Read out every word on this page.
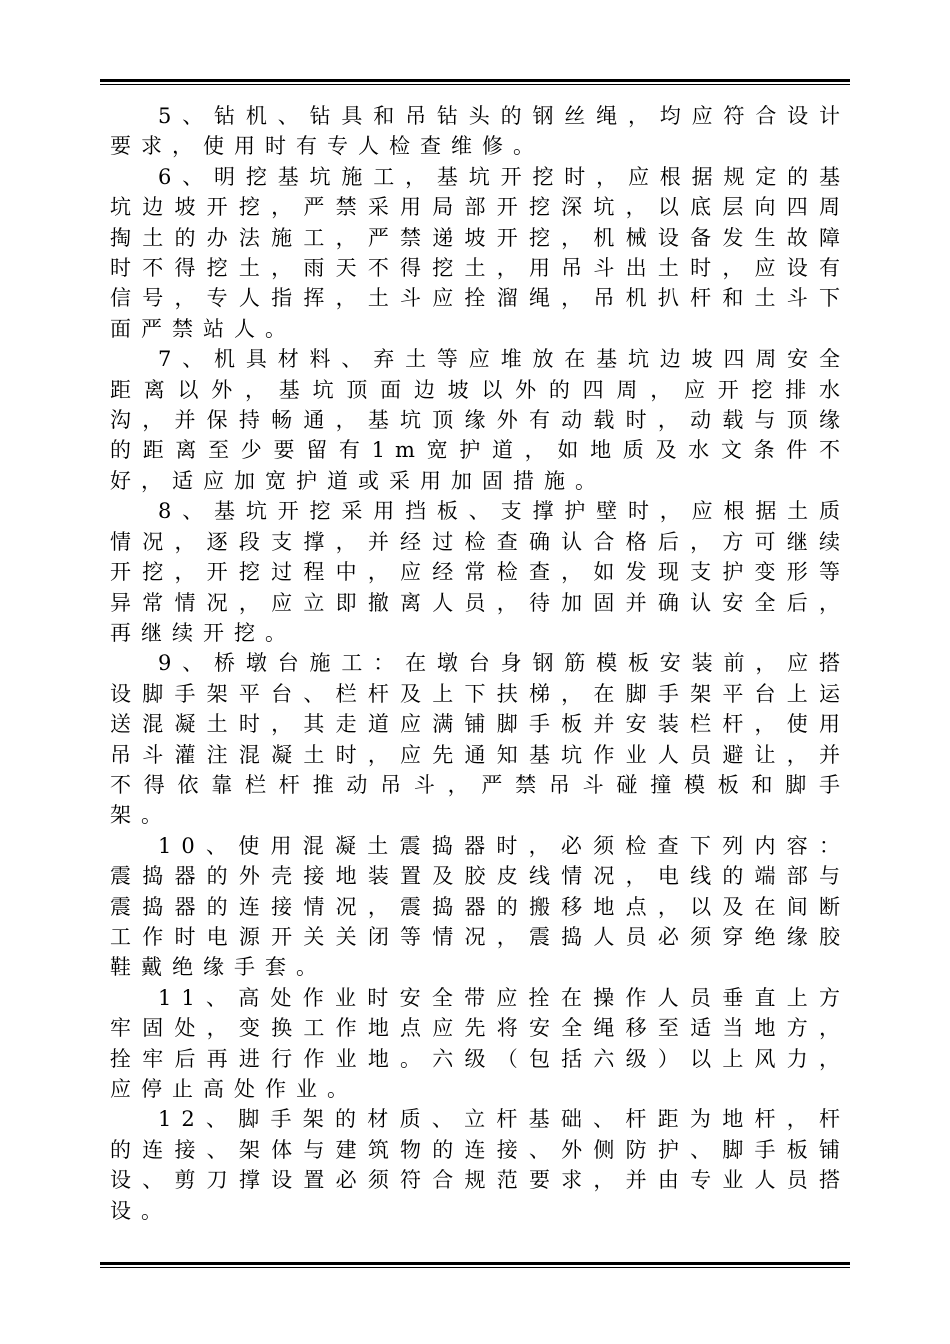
5、钻机、钻具和吊钻头的钢丝绳，均应符合设计要求，使用时有专人检查维修。

6、明挖基坑施工，基坑开挖时，应根据规定的基坑边坡开挖，严禁采用局部开挖深坑，以底层向四周掏土的办法施工，严禁递坡开挖，机械设备发生故障时不得挖土，雨天不得挖土，用吊斗出土时，应设有信号，专人指挥，土斗应拴溜绳，吊机扒杆和土斗下面严禁站人。

7、机具材料、弃土等应堆放在基坑边坡四周安全距离以外，基坑顶面边坡以外的四周，应开挖排水沟，并保持畅通，基坑顶缘外有动载时，动载与顶缘的距离至少要留有1m宽护道，如地质及水文条件不好，适应加宽护道或采用加固措施。

8、基坑开挖采用挡板、支撑护壁时，应根据土质情况，逐段支撑，并经过检查确认合格后，方可继续开挖，开挖过程中，应经常检查，如发现支护变形等异常情况，应立即撤离人员，待加固并确认安全后，再继续开挖。

9、桥墩台施工：在墩台身钢筋模板安装前，应搭设脚手架平台、栏杆及上下扶梯，在脚手架平台上运送混凝土时，其走道应满铺脚手板并安装栏杆，使用吊斗灌注混凝土时，应先通知基坑作业人员避让，并不得依靠栏杆推动吊斗，严禁吊斗碰撞模板和脚手架。

10、使用混凝土震捣器时，必须检查下列内容：震捣器的外壳接地装置及胶皮线情况，电线的端部与震捣器的连接情况，震捣器的搬移地点，以及在间断工作时电源开关关闭等情况，震捣人员必须穿绝缘胶鞋戴绝缘手套。

11、高处作业时安全带应拴在操作人员垂直上方牢固处，变换工作地点应先将安全绳移至适当地方，拴牢后再进行作业地。六级（包括六级）以上风力，应停止高处作业。

12、脚手架的材质、立杆基础、杆距为地杆，杆的连接、架体与建筑物的连接、外侧防护、脚手板铺设、剪刀撑设置必须符合规范要求，并由专业人员搭设。
